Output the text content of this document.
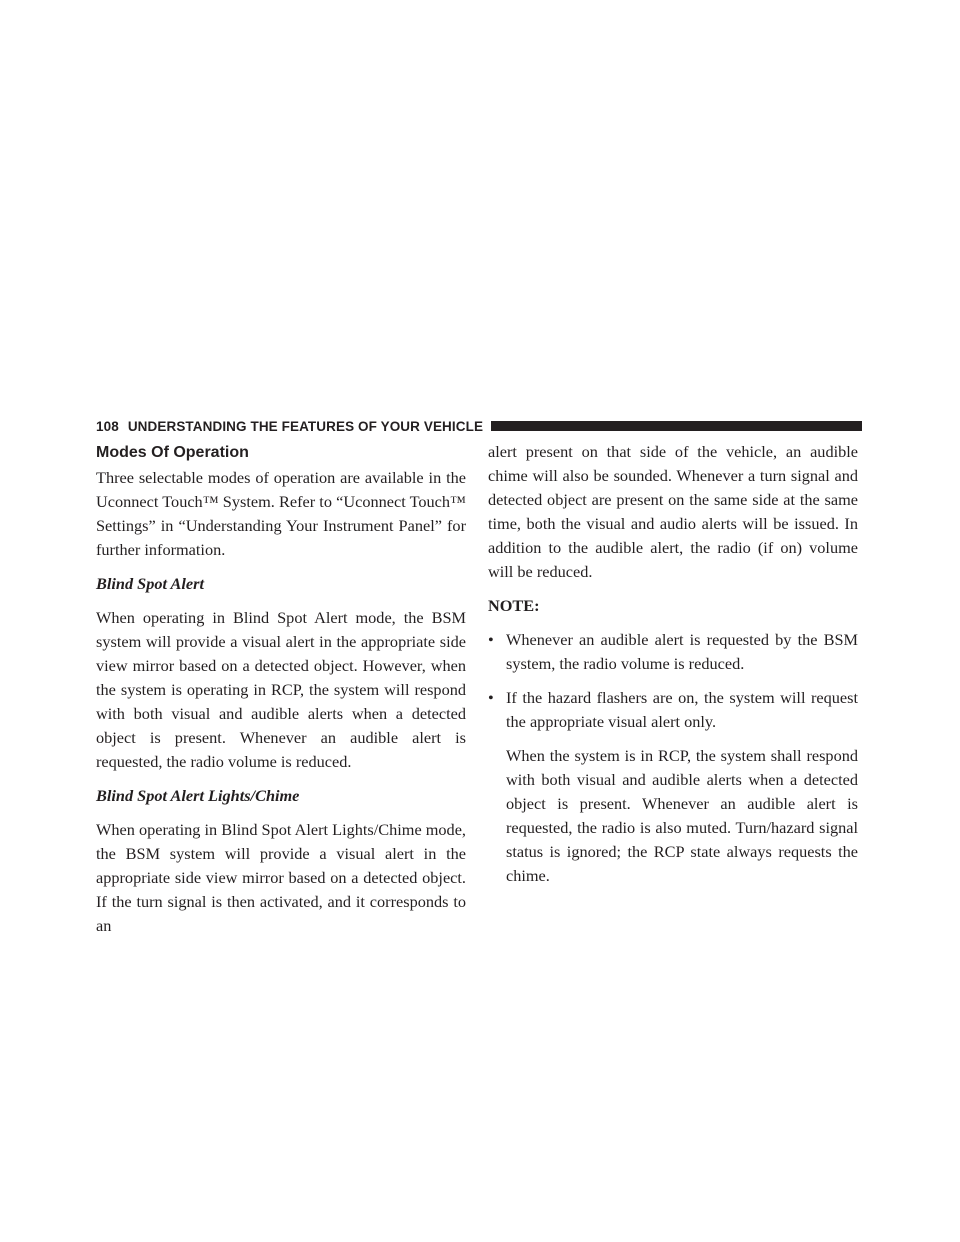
108 UNDERSTANDING THE FEATURES OF YOUR VEHICLE
Modes Of Operation

Three selectable modes of operation are available in the Uconnect Touch™ System. Refer to “Uconnect Touch™ Settings” in “Understanding Your Instrument Panel” for further information.

Blind Spot Alert

When operating in Blind Spot Alert mode, the BSM system will provide a visual alert in the appropriate side view mirror based on a detected object. However, when the system is operating in RCP, the system will respond with both visual and audible alerts when a detected object is present. Whenever an audible alert is requested, the radio volume is reduced.

Blind Spot Alert Lights/Chime

When operating in Blind Spot Alert Lights/Chime mode, the BSM system will provide a visual alert in the appropriate side view mirror based on a detected object. If the turn signal is then activated, and it corresponds to an

alert present on that side of the vehicle, an audible chime will also be sounded. Whenever a turn signal and detected object are present on the same side at the same time, both the visual and audio alerts will be issued. In addition to the audible alert, the radio (if on) volume will be reduced.

NOTE:

• Whenever an audible alert is requested by the BSM system, the radio volume is reduced.
• If the hazard flashers are on, the system will request the appropriate visual alert only.

When the system is in RCP, the system shall respond with both visual and audible alerts when a detected object is present. Whenever an audible alert is requested, the radio is also muted. Turn/hazard signal status is ignored; the RCP state always requests the chime.
